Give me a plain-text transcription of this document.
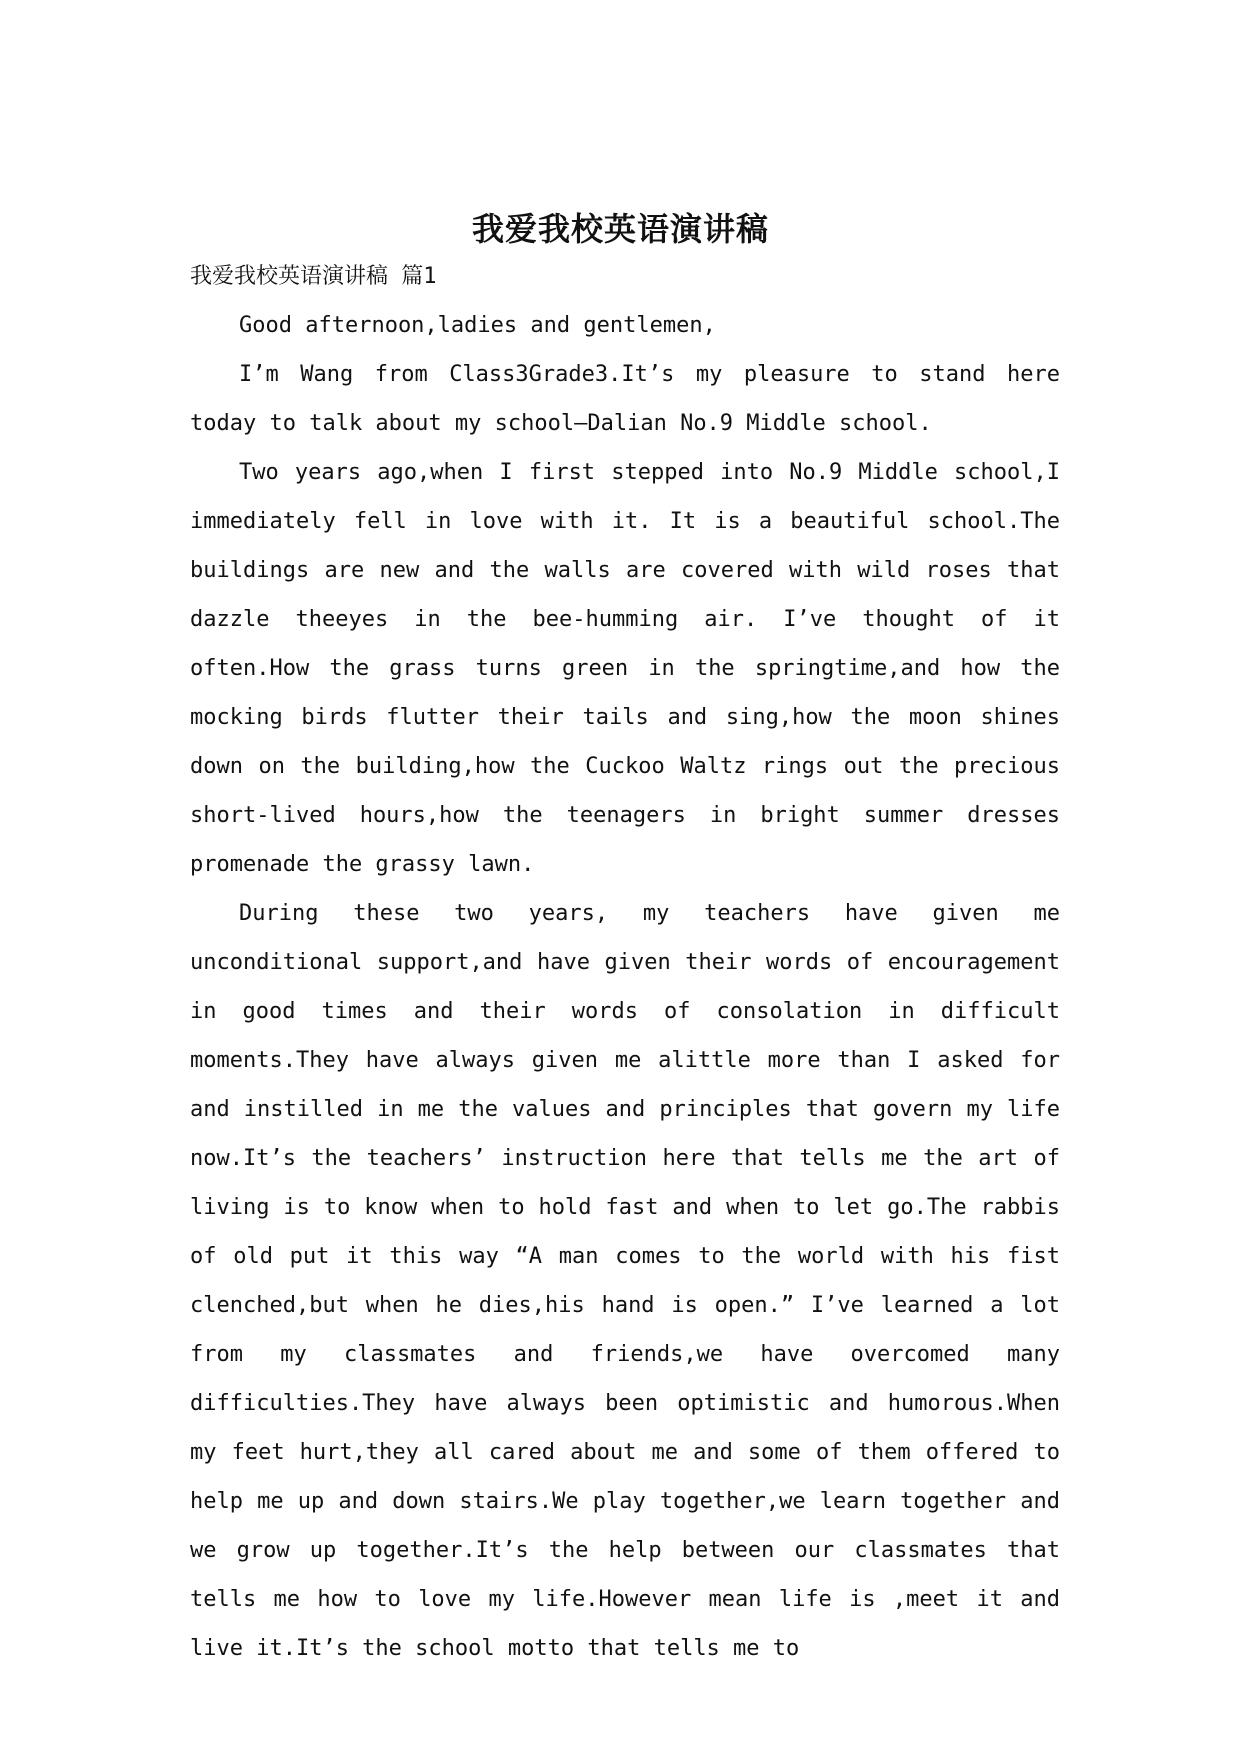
我爱我校英语演讲稿

我爱我校英语演讲稿 篇1

Good afternoon,ladies and gentlemen,

I’m Wang from Class3Grade3.It’s my pleasure to stand here today to talk about my school—Dalian No.9 Middle school.

Two years ago,when I first stepped into No.9 Middle school,I immediately fell in love with it. It is a beautiful school.The buildings are new and the walls are covered with wild roses that dazzle theeyes in the bee-humming air. I’ve thought of it often.How the grass turns green in the springtime,and how the mocking birds flutter their tails and sing,how the moon shines down on the building,how the Cuckoo Waltz rings out the precious short-lived hours,how the teenagers in bright summer dresses promenade the grassy lawn.

During these two years, my teachers have given me unconditional support,and have given their words of encouragement in good times and their words of consolation in difficult moments.They have always given me alittle more than I asked for and instilled in me the values and principles that govern my life now.It’s the teachers’ instruction here that tells me the art of living is to know when to hold fast and when to let go.The rabbis of old put it this way “A man comes to the world with his fist clenched,but when he dies,his hand is open.” I’ve learned a lot from my classmates and friends,we have overcomed many difficulties.They have always been optimistic and humorous.When my feet hurt,they all cared about me and some of them offered to help me up and down stairs.We play together,we learn together and we grow up together.It’s the help between our classmates that tells me how to love my life.However mean life is ,meet it and live it.It’s the school motto that tells me to
